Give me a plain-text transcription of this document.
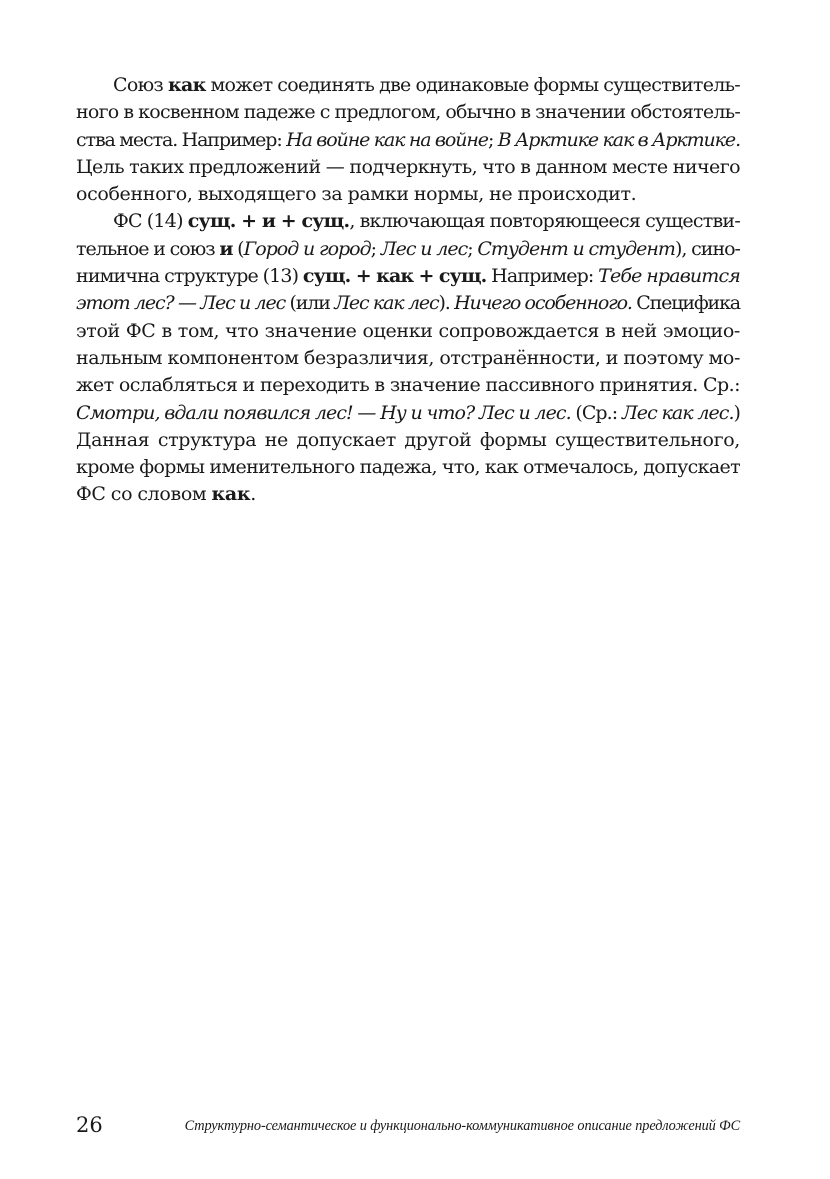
Союз как может соединять две одинаковые формы существитель-
ного в косвенном падеже с предлогом, обычно в значении обстоятель-
ства места. Например: На войне как на войне; В Арктике как в Арктике.
Цель таких предложений — подчеркнуть, что в данном месте ничего
особенного, выходящего за рамки нормы, не происходит.
ФС (14) сущ. + и + сущ., включающая повторяющееся существи-
тельное и союз и (Город и город; Лес и лес; Студент и студент), сино-
нимична структуре (13) сущ. + как + сущ. Например: Тебе нравится
этот лес? — Лес и лес (или Лес как лес). Ничего особенного. Специфика
этой ФС в том, что значение оценки сопровождается в ней эмоцио-
нальным компонентом безразличия, отстранённости, и поэтому мо-
жет ослабляться и переходить в значение пассивного принятия. Ср.:
Смотри, вдали появился лес! — Ну и что? Лес и лес. (Ср.: Лес как лес.)
Данная структура не допускает другой формы существительного,
кроме формы именительного падежа, что, как отмечалось, допускает
ФС со словом как.
26	Структурно-семантическое и функционально-коммуникативное описание предложений ФС
